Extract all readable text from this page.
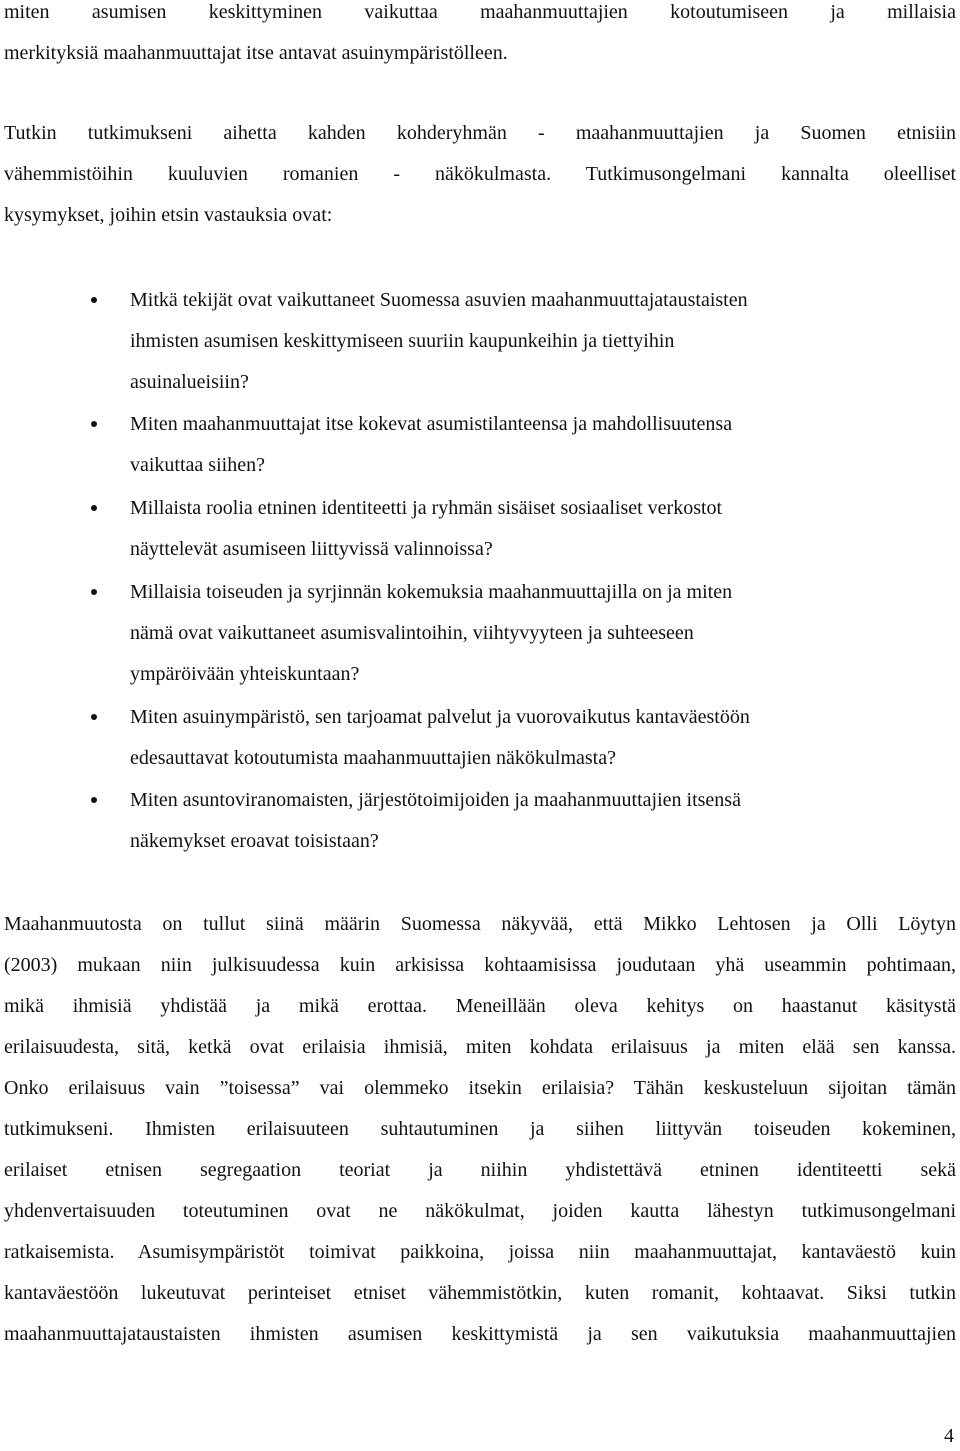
miten asumisen keskittyminen vaikuttaa maahanmuuttajien kotoutumiseen ja millaisia
merkityksiä maahanmuuttajat itse antavat asuinympäristölleen.
Tutkin tutkimukseni aihetta kahden kohderyhmän - maahanmuuttajien ja Suomen etnisiin
vähemmistöihin kuuluvien romanien - näkökulmasta. Tutkimusongelmani kannalta oleelliset
kysymykset, joihin etsin vastauksia ovat:
Mitkä tekijät ovat vaikuttaneet Suomessa asuvien maahanmuuttajataustaisten
ihmisten asumisen keskittymiseen suuriin kaupunkeihin ja tiettyihin
asuinalueisiin?
Miten maahanmuuttajat itse kokevat asumistilanteensa ja mahdollisuutensa
vaikuttaa siihen?
Millaista roolia etninen identiteetti ja ryhmän sisäiset sosiaaliset verkostot
näyttelevät asumiseen liittyvissä valinnoissa?
Millaisia toiseuden ja syrjinnän kokemuksia maahanmuuttajilla on ja miten
nämä ovat vaikuttaneet asumisvalintoihin, viihtyvyyteen ja suhteeseen
ympäröivään yhteiskuntaan?
Miten asuinympäristö, sen tarjoamat palvelut ja vuorovaikutus kantaväestöön
edesauttavat kotoutumista maahanmuuttajien näkökulmasta?
Miten asuntoviranomaisten, järjestötoimijoiden ja maahanmuuttajien itsensä
näkemykset eroavat toisistaan?
Maahanmuutosta on tullut siinä määrin Suomessa näkyvää, että Mikko Lehtosen ja Olli Löytyn
(2003) mukaan niin julkisuudessa kuin arkisissa kohtaamisissa joudutaan yhä useammin pohtimaan,
mikä ihmisiä yhdistää ja mikä erottaa. Meneillään oleva kehitys on haastanut käsitystä
erilaisuudesta, sitä, ketkä ovat erilaisia ihmisiä, miten kohdata erilaisuus ja miten elää sen kanssa.
Onko erilaisuus vain ”toisessa” vai olemmeko itsekin erilaisia? Tähän keskusteluun sijoitan tämän
tutkimukseni. Ihmisten erilaisuuteen suhtautuminen ja siihen liittyvän toiseuden kokeminen,
erilaiset etnisen segregaation teoriat ja niihin yhdistettävä etninen identiteetti sekä
yhdenvertaisuuden toteutuminen ovat ne näkökulmat, joiden kautta lähestyn tutkimusongelmani
ratkaisemista. Asumisympäristöt toimivat paikkoina, joissa niin maahanmuuttajat, kantaväestö kuin
kantaväestöön lukeutuvat perinteiset etniset vähemmistötkin, kuten romanit, kohtaavat. Siksi tutkin
maahanmuuttajataustaisten ihmisten asumisen keskittymistä ja sen vaikutuksia maahanmuuttajien
4
